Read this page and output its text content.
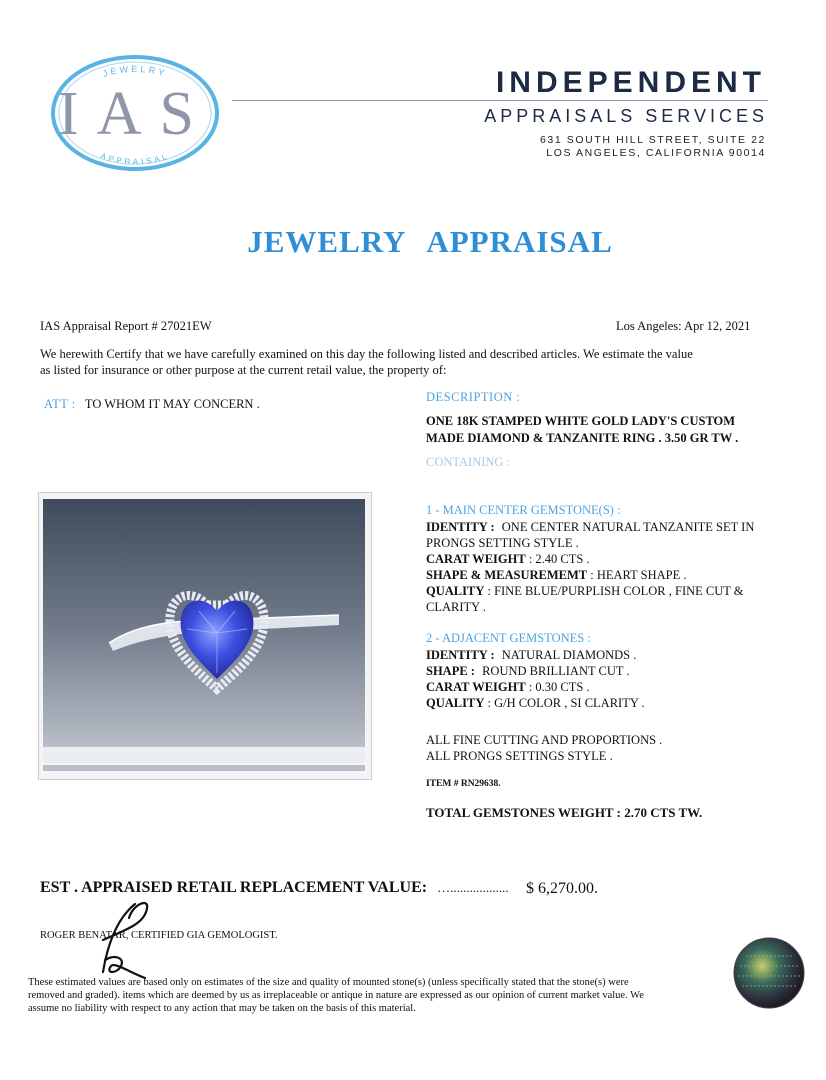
JEWELRY
APPRAISAL
IAS	INDEPENDENT
APPRAISALS SERVICES
631 SOUTH HILL STREET, SUITE 22
LOS ANGELES, CALIFORNIA 90014
JEWELRY APPRAISAL
IAS Appraisal Report # 27021EW	Los Angeles: Apr 12, 2021
We herewith Certify that we have carefully examined on this day the following listed and described articles. We estimate the value
as listed for insurance or other purpose at the current retail value, the property of:
ATT : TO WHOM IT MAY CONCERN .	DESCRIPTION :
ONE 18K STAMPED WHITE GOLD LADY'S CUSTOM
MADE DIAMOND & TANZANITE RING . 3.50 GR TW .
CONTAINING :
1 - MAIN CENTER GEMSTONE(S) :
IDENTITY : ONE CENTER NATURAL TANZANITE SET IN
PRONGS SETTING STYLE .
CARAT WEIGHT : 2.40 CTS .
SHAPE & MEASUREMEMT : HEART SHAPE .
QUALITY : FINE BLUE/PURPLISH COLOR , FINE CUT &
CLARITY .
2 - ADJACENT GEMSTONES :
IDENTITY : NATURAL DIAMONDS .
SHAPE : ROUND BRILLIANT CUT .
CARAT WEIGHT : 0.30 CTS .
QUALITY : G/H COLOR , SI CLARITY .
ALL FINE CUTTING AND PROPORTIONS .
ALL PRONGS SETTINGS STYLE .
ITEM # RN29638.
TOTAL GEMSTONES WEIGHT : 2.70 CTS TW.
EST . APPRAISED RETAIL REPLACEMENT VALUE: ….................. $ 6,270.00.
ROGER BENATAR, CERTIFIED GIA GEMOLOGIST.
These estimated values are based only on estimates of the size and quality of mounted stone(s) (unless specifically stated that the stone(s) were
removed and graded). items which are deemed by us as irreplaceable or antique in nature are expressed as our opinion of current market value. We
assume no liability with respect to any action that may be taken on the basis of this material.
